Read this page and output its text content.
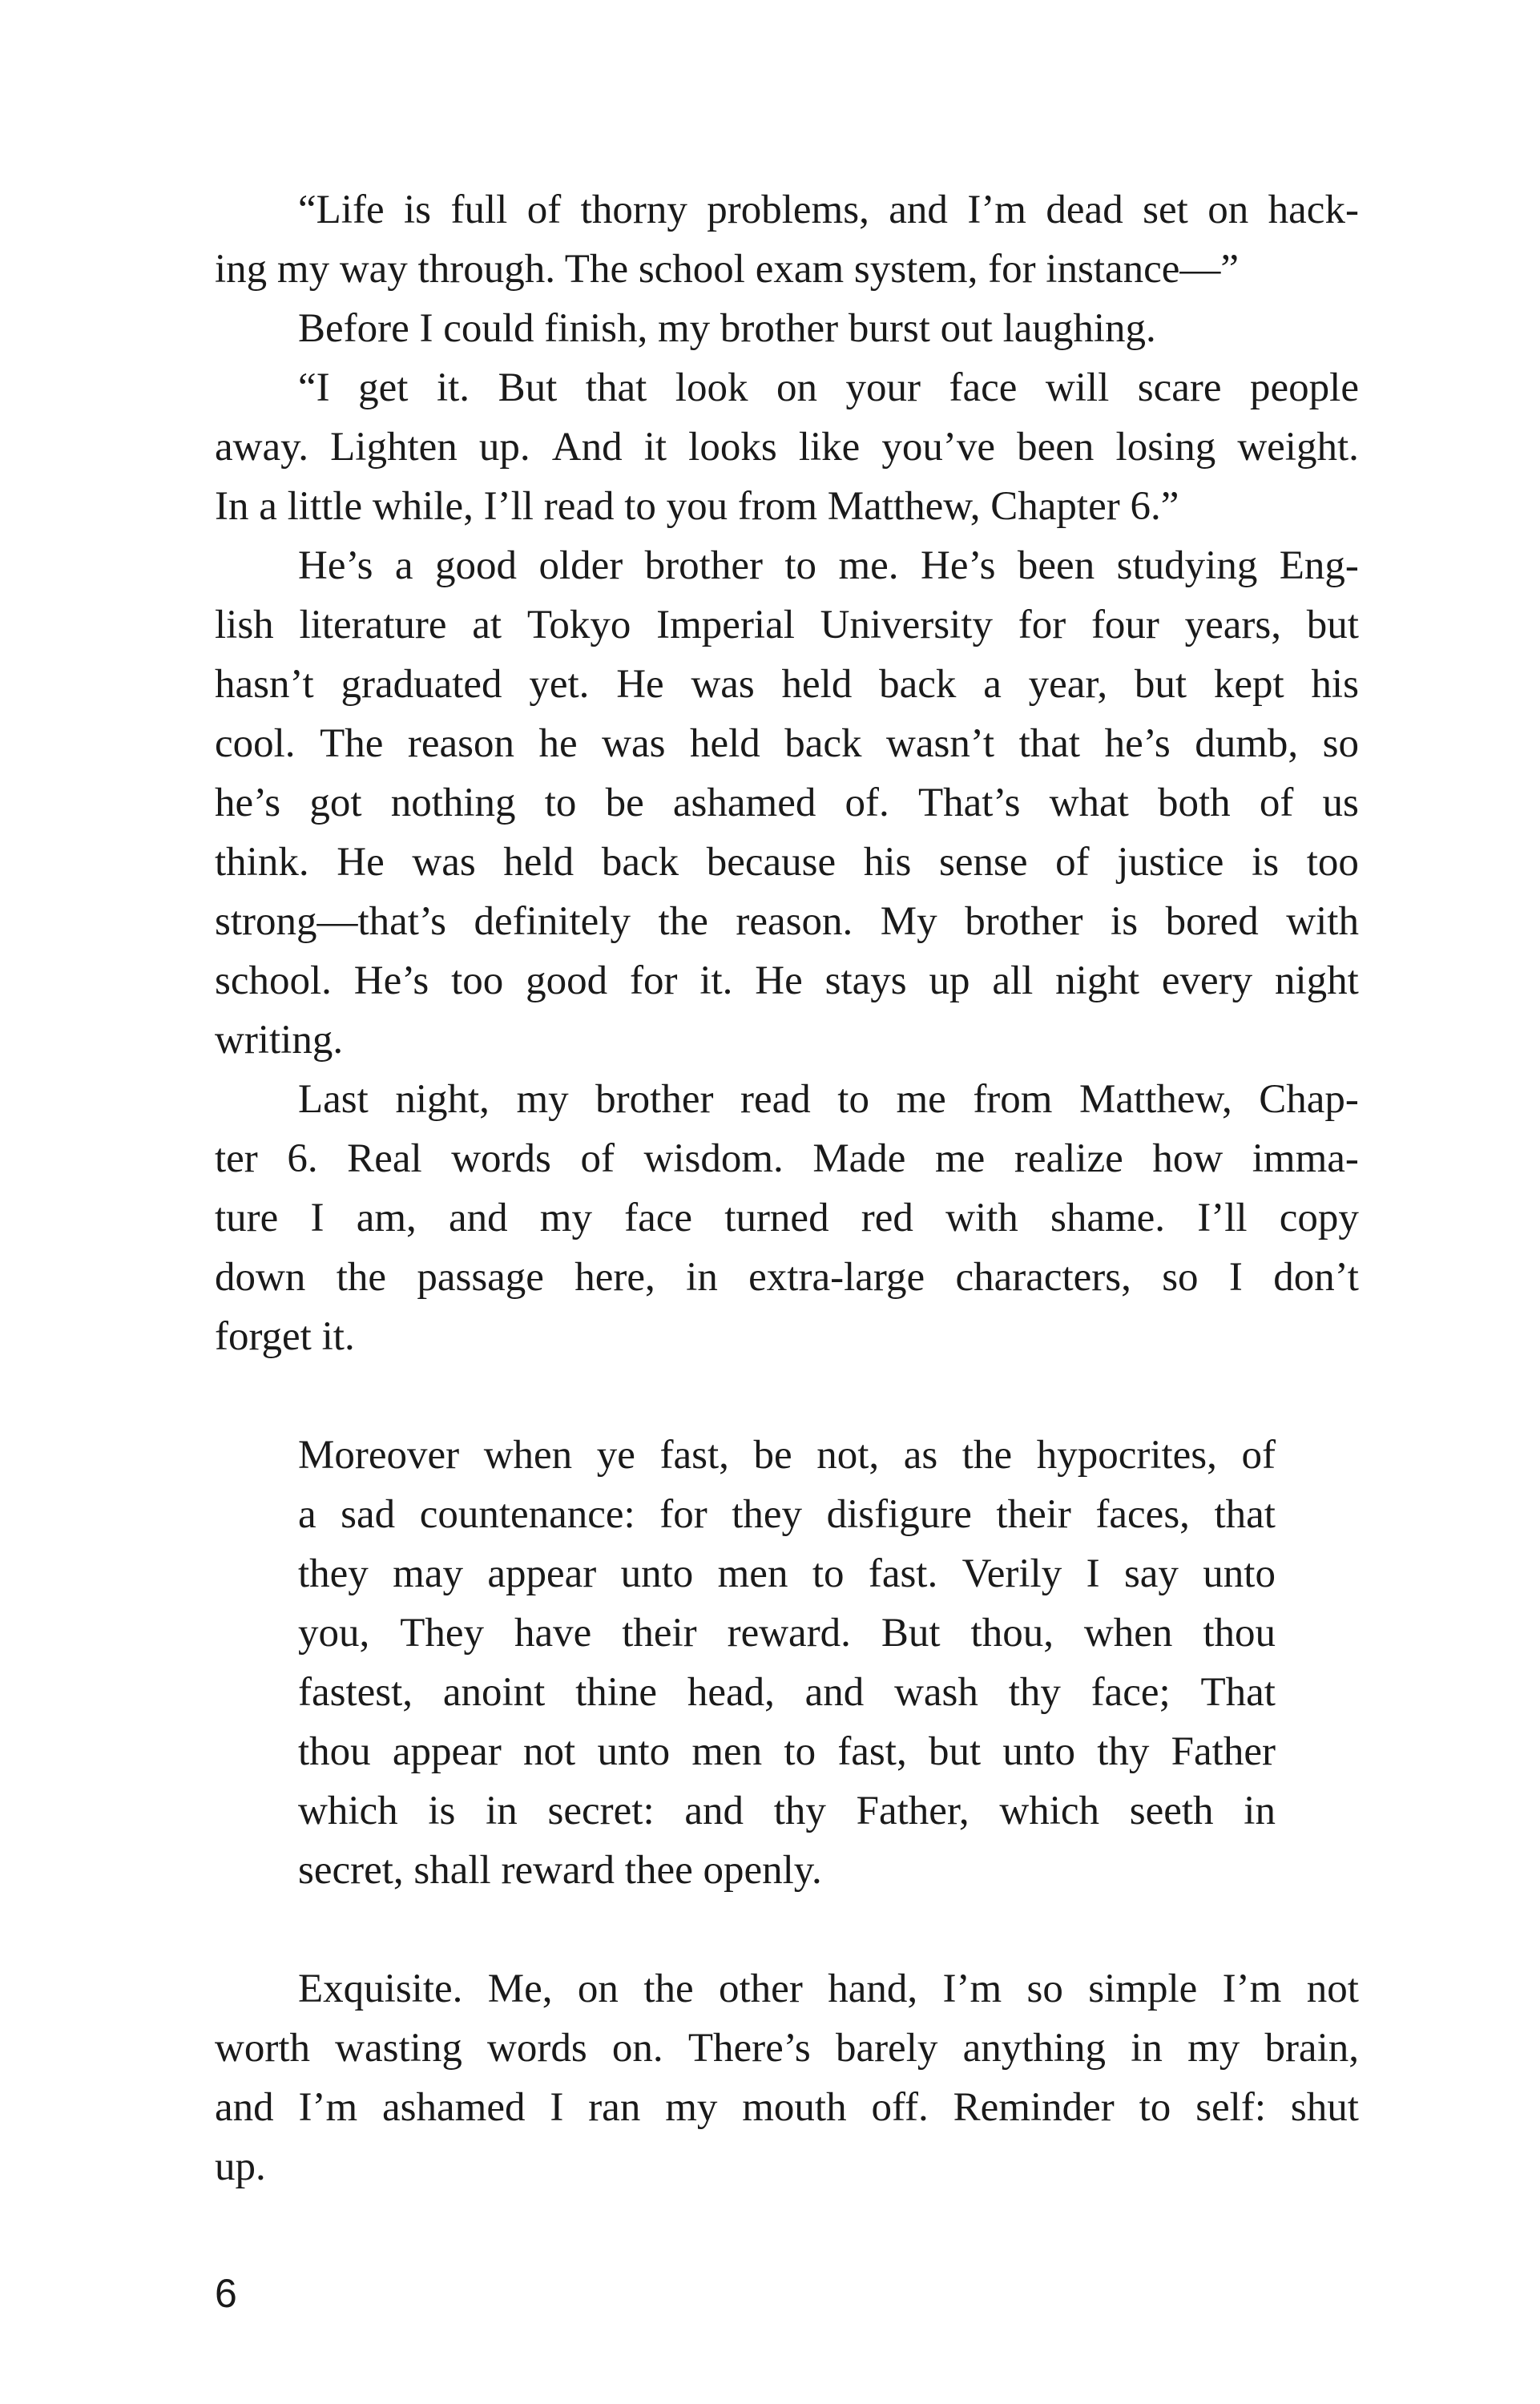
“Life is full of thorny problems, and I’m dead set on hack-
ing my way through. The school exam system, for instance—”
Before I could finish, my brother burst out laughing.
“I get it. But that look on your face will scare people
away. Lighten up. And it looks like you’ve been losing weight.
In a little while, I’ll read to you from Matthew, Chapter 6.”
He’s a good older brother to me. He’s been studying Eng-
lish literature at Tokyo Imperial University for four years, but
hasn’t graduated yet. He was held back a year, but kept his
cool. The reason he was held back wasn’t that he’s dumb, so
he’s got nothing to be ashamed of. That’s what both of us
think. He was held back because his sense of justice is too
strong—that’s definitely the reason. My brother is bored with
school. He’s too good for it. He stays up all night every night
writing.
Last night, my brother read to me from Matthew, Chap-
ter 6. Real words of wisdom. Made me realize how imma-
ture I am, and my face turned red with shame. I’ll copy
down the passage here, in extra-large characters, so I don’t
forget it.
Moreover when ye fast, be not, as the hypocrites, of
a sad countenance: for they disfigure their faces, that
they may appear unto men to fast. Verily I say unto
you, They have their reward. But thou, when thou
fastest, anoint thine head, and wash thy face; That
thou appear not unto men to fast, but unto thy Father
which is in secret: and thy Father, which seeth in
secret, shall reward thee openly.
Exquisite. Me, on the other hand, I’m so simple I’m not
worth wasting words on. There’s barely anything in my brain,
and I’m ashamed I ran my mouth off. Reminder to self: shut
up.
6
